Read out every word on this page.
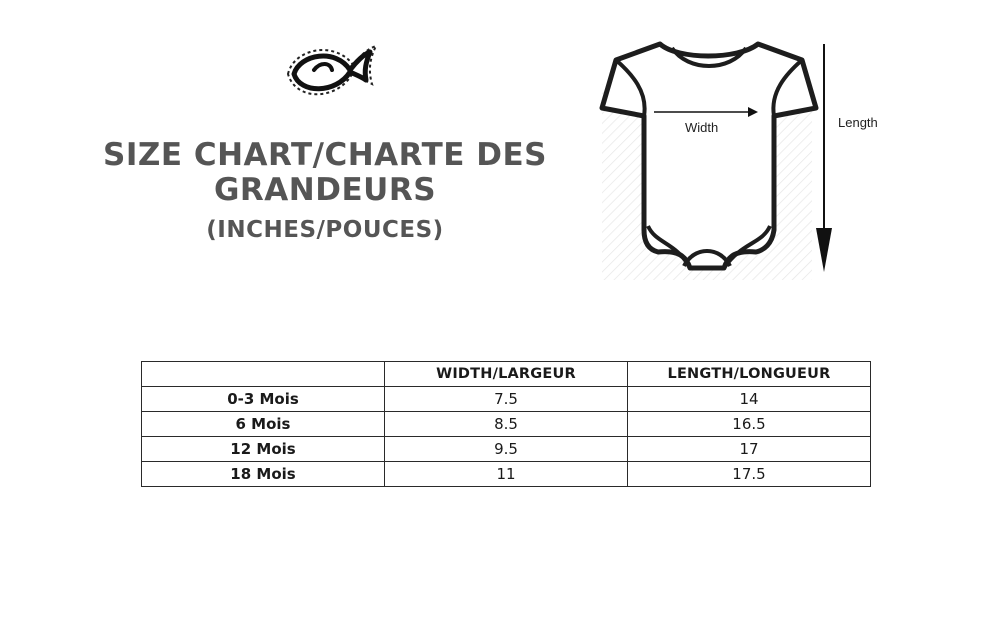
SIZE CHART/CHARTE DES
GRANDEURS
(INCHES/POUCES)
Width	Length
	WIDTH/LARGEUR	LENGTH/LONGUEUR
0-3 Mois	7.5	14
6 Mois	8.5	16.5
12 Mois	9.5	17
18 Mois	11	17.5
